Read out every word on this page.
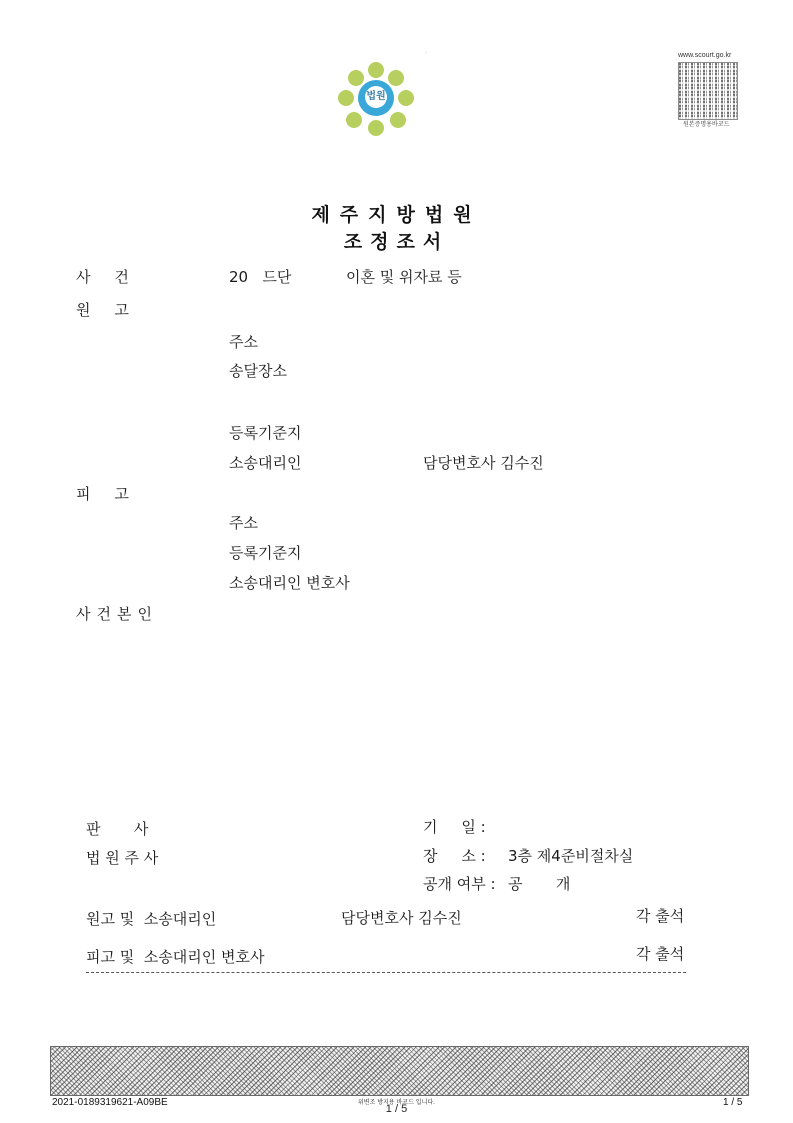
법원
·	www.scourt.go.kr
원본증명용바코드
제주지방법원
조정조서
사     건	20   드단	이혼 및 위자료 등
원     고
주소
송달장소
등록기준지
소송대리인	담당변호사 김수진
피     고
주소
등록기준지
소송대리인 변호사
사건본인
판       사
법 원 주 사
기     일 :
장     소 : 3층 제4준비절차실
공개 여부 : 공       개
원고 및  소송대리인	담당변호사 김수진	각 출석
피고 및  소송대리인 변호사	각 출석
2021-0189319621-A09BE	위변조 방지용 바코드 입니다.
1 / 5
1 / 5
